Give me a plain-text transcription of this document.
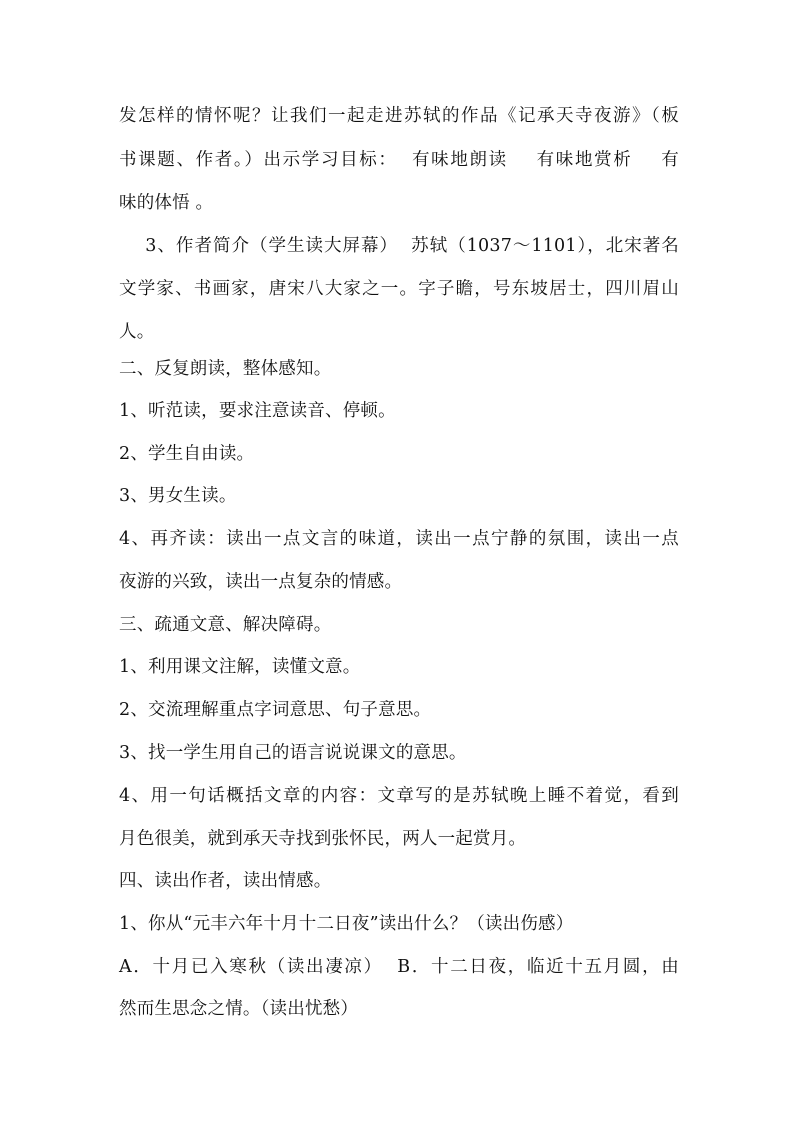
发怎样的情怀呢？让我们一起走进苏轼的作品《记承天寺夜游》（板
书课题、作者。）出示学习目标：  有味地朗读    有味地赏析    有
味的体悟 。
3、作者简介（学生读大屏幕）  苏轼（1037～1101），北宋著名
文学家、书画家，唐宋八大家之一。字子瞻，号东坡居士，四川眉山
人。
二、反复朗读，整体感知。
1、听范读，要求注意读音、停顿。
2、学生自由读。
3、男女生读。
4、再齐读：读出一点文言的味道，读出一点宁静的氛围，读出一点
夜游的兴致，读出一点复杂的情感。
三、疏通文意、解决障碍。
1、利用课文注解，读懂文意。
2、交流理解重点字词意思、句子意思。
3、找一学生用自己的语言说说课文的意思。
4、用一句话概括文章的内容：文章写的是苏轼晚上睡不着觉，看到
月色很美，就到承天寺找到张怀民，两人一起赏月。
四、读出作者，读出情感。
1、你从“元丰六年十月十二日夜”读出什么？（读出伤感）
A．十月已入寒秋（读出凄凉）  B．十二日夜，临近十五月圆，由
然而生思念之情。（读出忧愁）
